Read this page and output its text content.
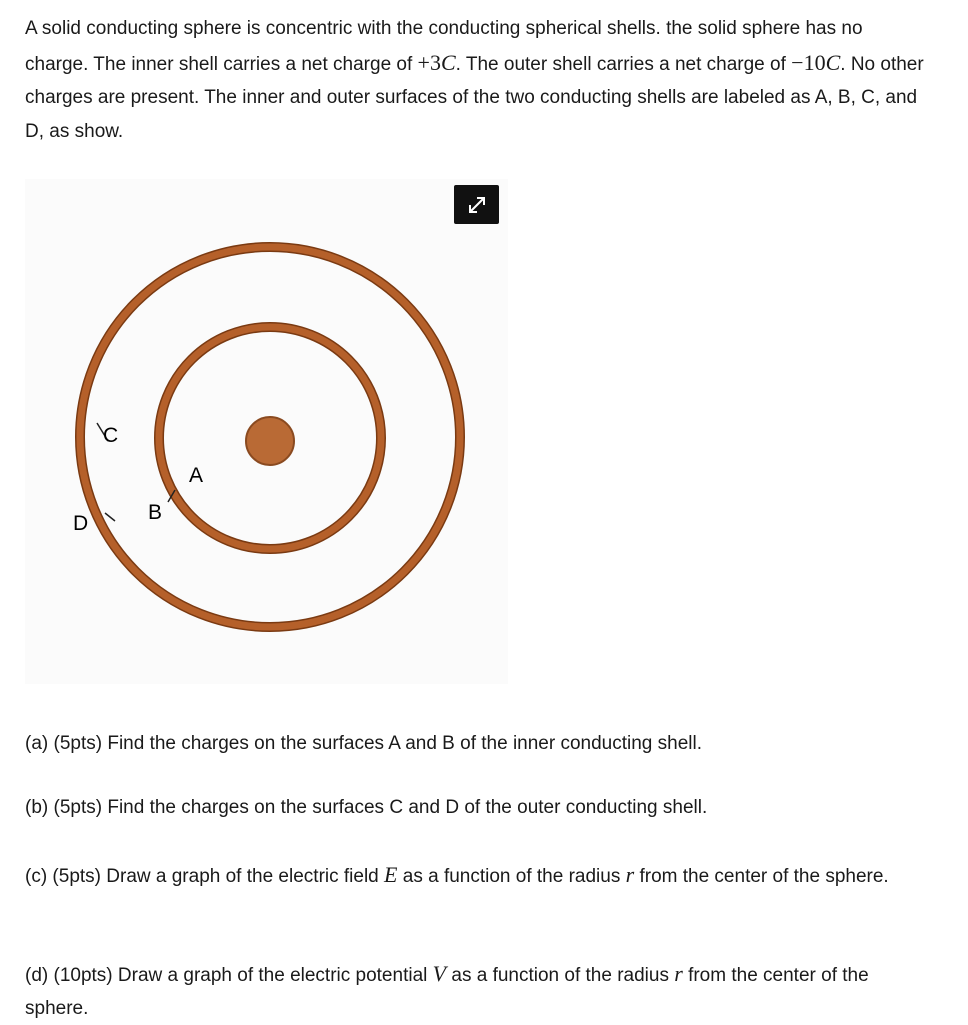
A solid conducting sphere is concentric with the conducting spherical shells. the solid sphere has no charge. The inner shell carries a net charge of +3C. The outer shell carries a net charge of −10C. No other charges are present. The inner and outer surfaces of the two conducting shells are labeled as A, B, C, and D, as show.
C
A
B
D
(a) (5pts) Find the charges on the surfaces A and B of the inner conducting shell.
(b) (5pts) Find the charges on the surfaces C and D of the outer conducting shell.
(c) (5pts) Draw a graph of the electric field E as a function of the radius r from the center of the sphere.
(d) (10pts) Draw a graph of the electric potential V as a function of the radius r from the center of the sphere.
